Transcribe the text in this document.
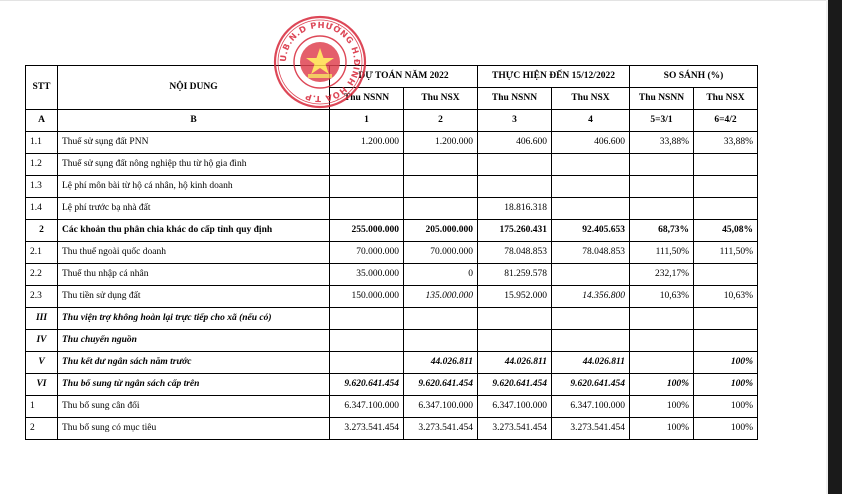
STT	NỘI DUNG	DỰ TOÁN NĂM 2022		THỰC HIỆN ĐẾN 15/12/2022		SO SÁNH (%)	
		Thu NSNN	Thu NSX	Thu NSNN	Thu NSX	Thu NSNN	Thu NSX
A	B	1	2	3	4	5=3/1	6=4/2
1.1	Thuế sử sụng đất PNN	1.200.000	1.200.000	406.600	406.600	33,88%	33,88%
1.2	Thuế sử sụng đất nông nghiệp thu từ hộ gia đình						
1.3	Lệ phí môn bài từ hộ cá nhân, hộ kinh doanh						
1.4	Lệ phí trước bạ nhà đất			18.816.318			
2	Các khoản thu phân chia khác do cấp tỉnh quy định	255.000.000	205.000.000	175.260.431	92.405.653	68,73%	45,08%
2.1	Thu thuế ngoài quốc doanh	70.000.000	70.000.000	78.048.853	78.048.853	111,50%	111,50%
2.2	Thuế thu nhập cá nhân	35.000.000	0	81.259.578		232,17%	
2.3	Thu tiền sử dụng đất	150.000.000	135.000.000	15.952.000	14.356.800	10,63%	10,63%
III	Thu viện trợ không hoàn lại trực tiếp cho xã (nếu có)						
IV	Thu chuyển nguồn						
V	Thu kết dư ngân sách năm trước		44.026.811	44.026.811	44.026.811		100%
VI	Thu bổ sung từ ngân sách cấp trên	9.620.641.454	9.620.641.454	9.620.641.454	9.620.641.454	100%	100%
1	Thu bổ sung cân đối	6.347.100.000	6.347.100.000	6.347.100.000	6.347.100.000	100%	100%
2	Thu bổ sung có mục tiêu	3.273.541.454	3.273.541.454	3.273.541.454	3.273.541.454	100%	100%
U.B.N.D PHƯỜNG H.ĐINH HÓA T.P
